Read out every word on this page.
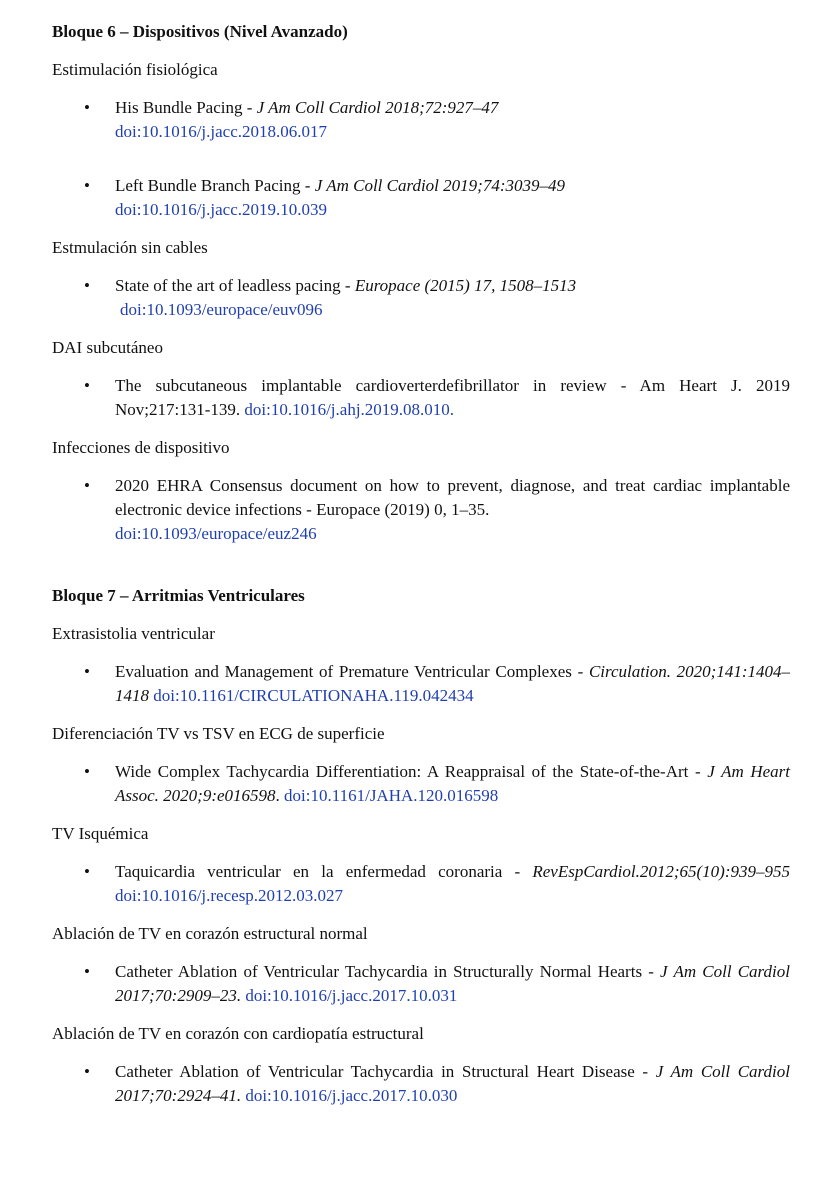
Bloque 6 – Dispositivos (Nivel Avanzado)

Estimulación fisiológica

• His Bundle Pacing - J Am Coll Cardiol 2018;72:927–47
doi:10.1016/j.jacc.2018.06.017
• Left Bundle Branch Pacing - J Am Coll Cardiol 2019;74:3039–49
doi:10.1016/j.jacc.2019.10.039

Estmulación sin cables

• State of the art of leadless pacing - Europace (2015) 17, 1508–1513
doi:10.1093/europace/euv096

DAI subcutáneo

• The subcutaneous implantable cardioverterdefibrillator in review - Am Heart J. 2019 Nov;217:131-139. doi:10.1016/j.ahj.2019.08.010.

Infecciones de dispositivo

• 2020 EHRA Consensus document on how to prevent, diagnose, and treat cardiac implantable electronic device infections - Europace (2019) 0, 1–35.
doi:10.1093/europace/euz246

Bloque 7 – Arritmias Ventriculares

Extrasistolia ventricular

• Evaluation and Management of Premature Ventricular Complexes - Circulation. 2020;141:1404–1418 doi:10.1161/CIRCULATIONAHA.119.042434

Diferenciación TV vs TSV en ECG de superficie

• Wide Complex Tachycardia Differentiation: A Reappraisal of the State-of-the-Art - J Am Heart Assoc. 2020;9:e016598. doi:10.1161/JAHA.120.016598

TV Isquémica

• Taquicardia ventricular en la enfermedad coronaria - RevEspCardiol.2012;65(10):939–955 doi:10.1016/j.recesp.2012.03.027

Ablación de TV en corazón estructural normal

• Catheter Ablation of Ventricular Tachycardia in Structurally Normal Hearts - J Am Coll Cardiol 2017;70:2909–23. doi:10.1016/j.jacc.2017.10.031

Ablación de TV en corazón con cardiopatía estructural

• Catheter Ablation of Ventricular Tachycardia in Structural Heart Disease - J Am Coll Cardiol 2017;70:2924–41. doi:10.1016/j.jacc.2017.10.030
